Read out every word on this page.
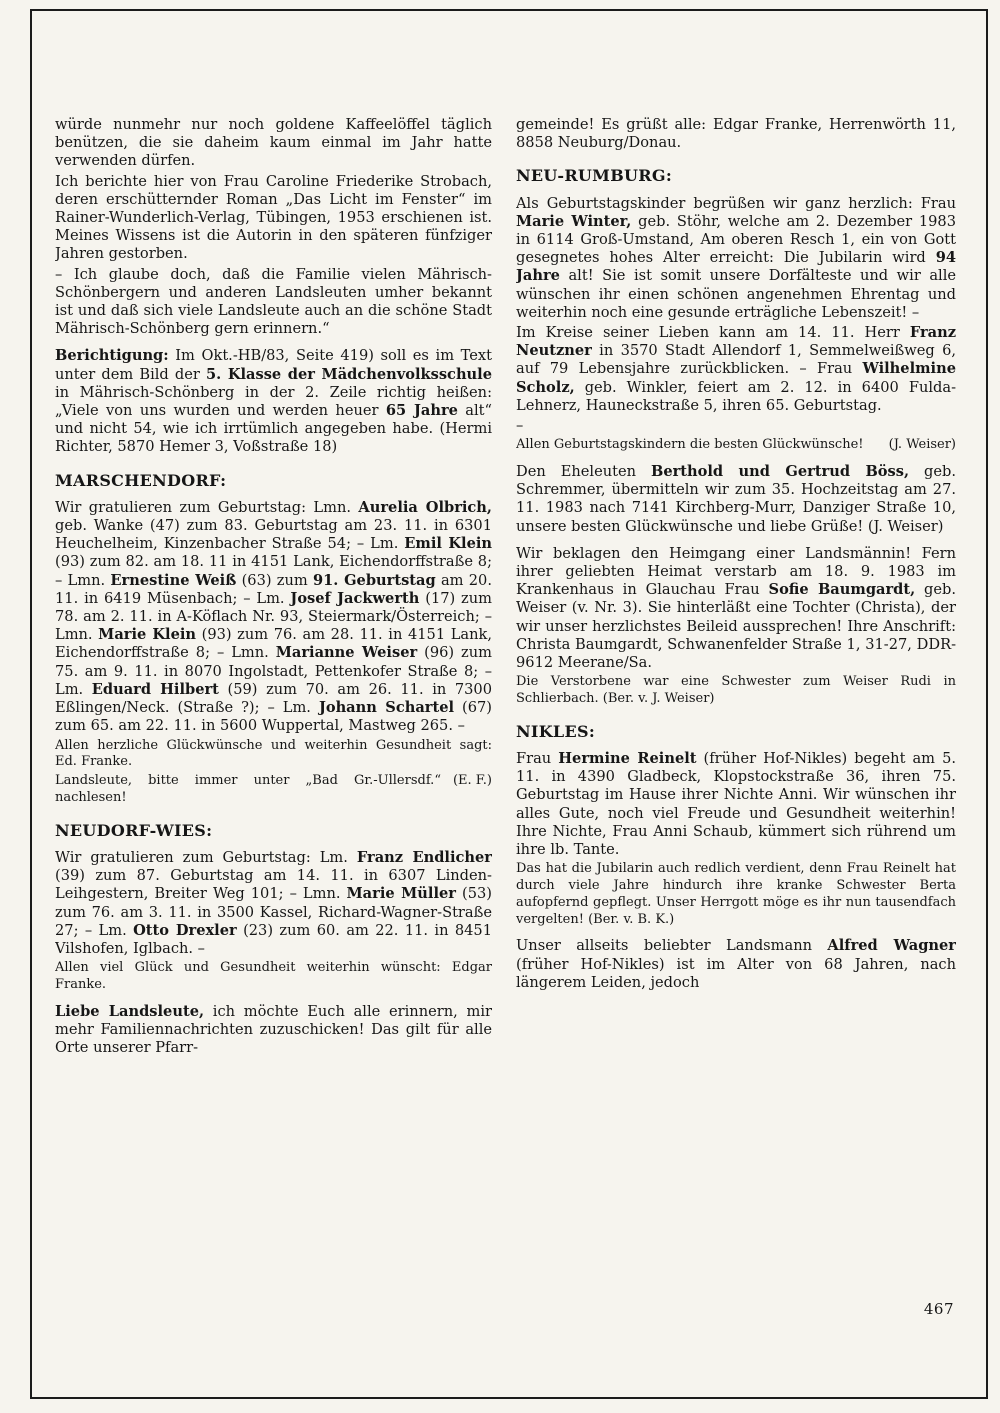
würde nunmehr nur noch goldene Kaffeelöffel täglich benützen, die sie daheim kaum einmal im Jahr hatte verwenden dürfen.
Ich berichte hier von Frau Caroline Friederike Strobach, deren erschütternder Roman „Das Licht im Fenster“ im Rainer-Wunderlich-Verlag, Tübingen, 1953 erschienen ist. Meines Wissens ist die Autorin in den späteren fünfziger Jahren gestorben.
– Ich glaube doch, daß die Familie vielen Mährisch-Schönbergern und anderen Landsleuten umher bekannt ist und daß sich viele Landsleute auch an die schöne Stadt Mährisch-Schönberg gern erinnern.“
Berichtigung: Im Okt.-HB/83, Seite 419) soll es im Text unter dem Bild der 5. Klasse der Mädchenvolksschule in Mährisch-Schönberg in der 2. Zeile richtig heißen: „Viele von uns wurden und werden heuer 65 Jahre alt“ und nicht 54, wie ich irrtümlich angegeben habe. (Hermi Richter, 5870 Hemer 3, Voßstraße 18)
MARSCHENDORF:
Wir gratulieren zum Geburtstag: Lmn. Aurelia Olbrich, geb. Wanke (47) zum 83. Geburtstag am 23. 11. in 6301 Heuchelheim, Kinzenbacher Straße 54; – Lm. Emil Klein (93) zum 82. am 18. 11 in 4151 Lank, Eichendorffstraße 8; – Lmn. Ernestine Weiß (63) zum 91. Geburtstag am 20. 11. in 6419 Müsenbach; – Lm. Josef Jackwerth (17) zum 78. am 2. 11. in A-Köflach Nr. 93, Steiermark/Österreich; – Lmn. Marie Klein (93) zum 76. am 28. 11. in 4151 Lank, Eichendorffstraße 8; – Lmn. Marianne Weiser (96) zum 75. am 9. 11. in 8070 Ingolstadt, Pettenkofer Straße 8; – Lm. Eduard Hilbert (59) zum 70. am 26. 11. in 7300 Eßlingen/Neck. (Straße ?); – Lm. Johann Schartel (67) zum 65. am 22. 11. in 5600 Wuppertal, Mastweg 265. –
Allen herzliche Glückwünsche und weiterhin Gesundheit sagt: Ed. Franke.
(E. F.)
Landsleute, bitte immer unter „Bad Gr.-Ullersdf.“ nachlesen!
NEUDORF-WIES:
Wir gratulieren zum Geburtstag: Lm. Franz Endlicher (39) zum 87. Geburtstag am 14. 11. in 6307 Linden-Leihgestern, Breiter Weg 101; – Lmn. Marie Müller (53) zum 76. am 3. 11. in 3500 Kassel, Richard-Wagner-Straße 27; – Lm. Otto Drexler (23) zum 60. am 22. 11. in 8451 Vilshofen, Iglbach. –
Allen viel Glück und Gesundheit weiterhin wünscht: Edgar Franke.
Liebe Landsleute, ich möchte Euch alle erinnern, mir mehr Familiennachrichten zuzuschicken! Das gilt für alle Orte unserer Pfarr-
gemeinde! Es grüßt alle: Edgar Franke, Herrenwörth 11, 8858 Neuburg/Donau.
NEU-RUMBURG:
Als Geburtstagskinder begrüßen wir ganz herzlich: Frau Marie Winter, geb. Stöhr, welche am 2. Dezember 1983 in 6114 Groß-Umstand, Am oberen Resch 1, ein von Gott gesegnetes hohes Alter erreicht: Die Jubilarin wird 94 Jahre alt! Sie ist somit unsere Dorfälteste und wir alle wünschen ihr einen schönen angenehmen Ehrentag und weiterhin noch eine gesunde erträgliche Lebenszeit! –
Im Kreise seiner Lieben kann am 14. 11. Herr Franz Neutzner in 3570 Stadt Allendorf 1, Semmelweißweg 6, auf 79 Lebensjahre zurückblicken. – Frau Wilhelmine Scholz, geb. Winkler, feiert am 2. 12. in 6400 Fulda-Lehnerz, Hauneckstraße 5, ihren 65. Geburtstag.
–
(J. Weiser)
Allen Geburtstagskindern die besten Glückwünsche!
Den Eheleuten Berthold und Gertrud Böss, geb. Schremmer, übermitteln wir zum 35. Hochzeitstag am 27. 11. 1983 nach 7141 Kirchberg-Murr, Danziger Straße 10, unsere besten Glückwünsche und liebe Grüße! (J. Weiser)
Wir beklagen den Heimgang einer Landsmännin! Fern ihrer geliebten Heimat verstarb am 18. 9. 1983 im Krankenhaus in Glauchau Frau Sofie Baumgardt, geb. Weiser (v. Nr. 3). Sie hinterläßt eine Tochter (Christa), der wir unser herzlichstes Beileid aussprechen! Ihre Anschrift: Christa Baumgardt, Schwanenfelder Straße 1, 31-27, DDR-9612 Meerane/Sa.
Die Verstorbene war eine Schwester zum Weiser Rudi in Schlierbach. (Ber. v. J. Weiser)
NIKLES:
Frau Hermine Reinelt (früher Hof-Nikles) begeht am 5. 11. in 4390 Gladbeck, Klopstockstraße 36, ihren 75. Geburtstag im Hause ihrer Nichte Anni. Wir wünschen ihr alles Gute, noch viel Freude und Gesundheit weiterhin! Ihre Nichte, Frau Anni Schaub, kümmert sich rührend um ihre lb. Tante.
Das hat die Jubilarin auch redlich verdient, denn Frau Reinelt hat durch viele Jahre hindurch ihre kranke Schwester Berta aufopfernd gepflegt. Unser Herrgott möge es ihr nun tausendfach vergelten! (Ber. v. B. K.)
Unser allseits beliebter Landsmann Alfred Wagner (früher Hof-Nikles) ist im Alter von 68 Jahren, nach längerem Leiden, jedoch
467
